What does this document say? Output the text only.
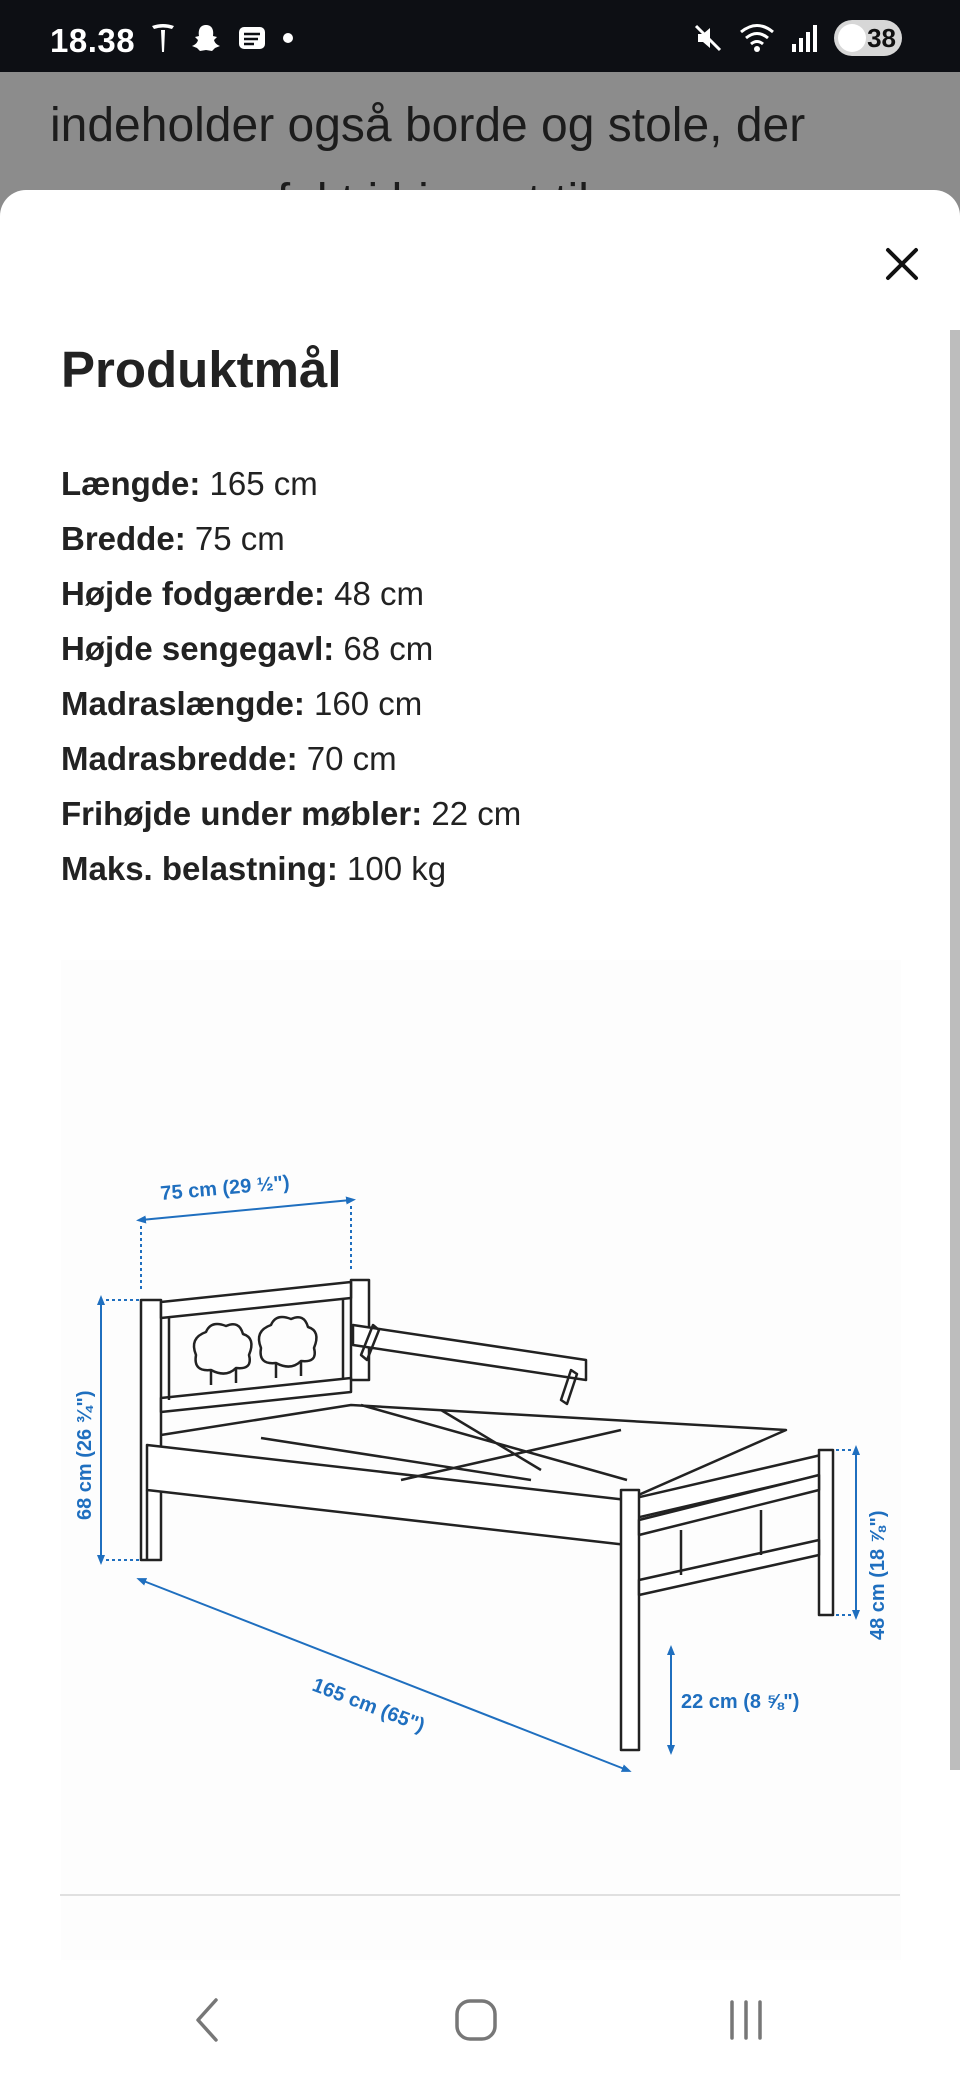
18.38	38
indeholder også borde og stole, der
Produktmål
Længde: 165 cm
Bredde: 75 cm
Højde fodgærde: 48 cm
Højde sengegavl: 68 cm
Madraslængde: 160 cm
Madrasbredde: 70 cm
Frihøjde under møbler: 22 cm
Maks. belastning: 100 kg
75 cm (29 ½")
68 cm (26 ¾")
165 cm (65")	22 cm (8 ⅝")
48 cm (18 ⅞")
